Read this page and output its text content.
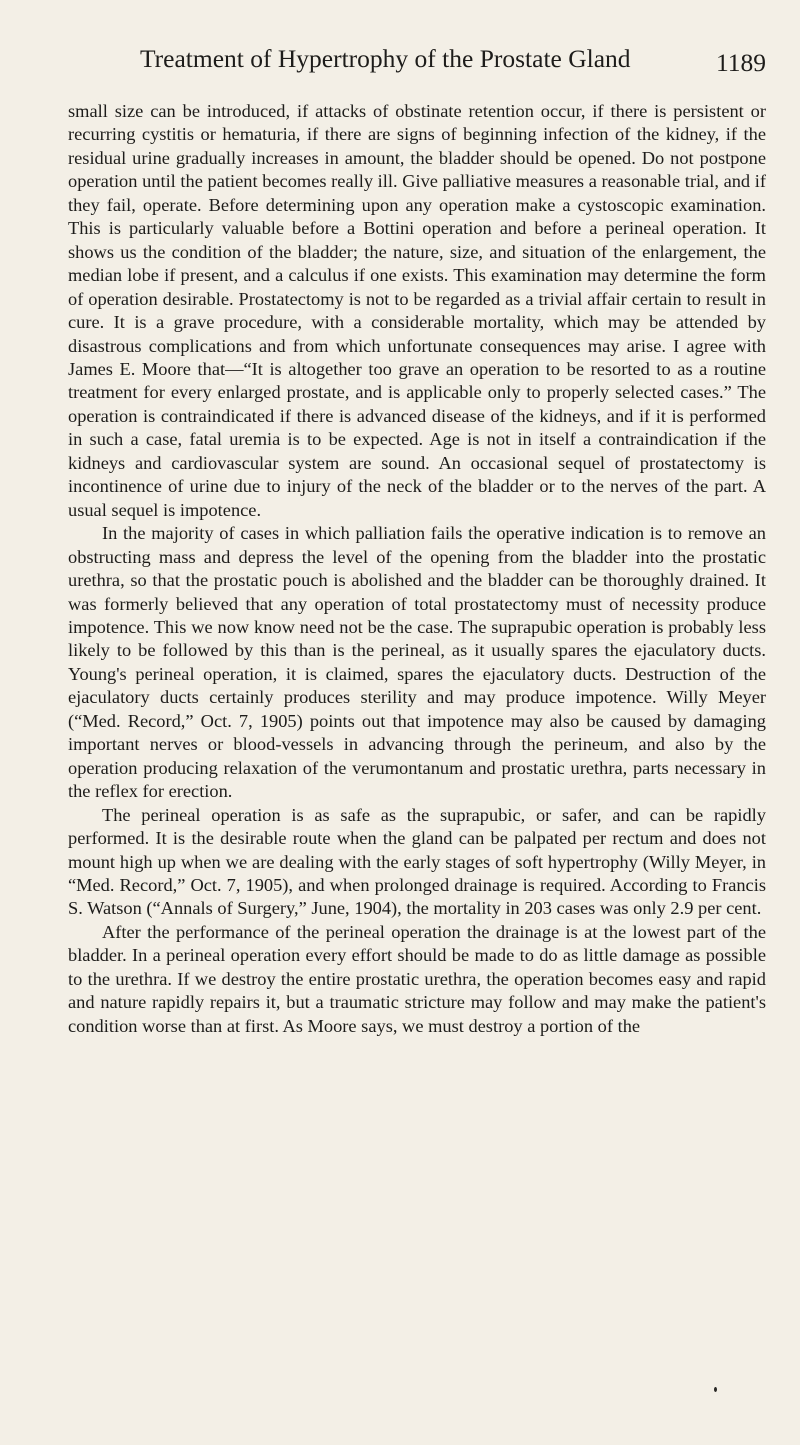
Treatment of Hypertrophy of the Prostate Gland	1189

small size can be introduced, if attacks of obstinate retention occur, if there is persistent or recurring cystitis or hematuria, if there are signs of beginning infection of the kidney, if the residual urine gradually increases in amount, the bladder should be opened. Do not postpone operation until the patient becomes really ill. Give palliative measures a reasonable trial, and if they fail, operate. Before determining upon any operation make a cystoscopic examination. This is particularly valuable before a Bottini operation and before a perineal operation. It shows us the condition of the bladder; the nature, size, and situation of the enlargement, the median lobe if present, and a calculus if one exists. This examination may determine the form of operation desirable. Prostatectomy is not to be regarded as a trivial affair certain to result in cure. It is a grave procedure, with a considerable mortality, which may be attended by disastrous complications and from which unfortunate consequences may arise. I agree with James E. Moore that—“It is altogether too grave an operation to be resorted to as a routine treatment for every enlarged prostate, and is applicable only to properly selected cases.” The operation is contraindicated if there is advanced disease of the kidneys, and if it is performed in such a case, fatal uremia is to be expected. Age is not in itself a contraindication if the kidneys and cardiovascular system are sound. An occasional sequel of prostatectomy is incontinence of urine due to injury of the neck of the bladder or to the nerves of the part. A usual sequel is impotence.

In the majority of cases in which palliation fails the operative indication is to remove an obstructing mass and depress the level of the opening from the bladder into the prostatic urethra, so that the prostatic pouch is abolished and the bladder can be thoroughly drained. It was formerly believed that any operation of total prostatectomy must of necessity produce impotence. This we now know need not be the case. The suprapubic operation is probably less likely to be followed by this than is the perineal, as it usually spares the ejaculatory ducts. Young's perineal operation, it is claimed, spares the ejaculatory ducts. Destruction of the ejaculatory ducts certainly produces sterility and may produce impotence. Willy Meyer (“Med. Record,” Oct. 7, 1905) points out that impotence may also be caused by damaging important nerves or blood-vessels in advancing through the perineum, and also by the operation producing relaxation of the verumontanum and prostatic urethra, parts necessary in the reflex for erection.

The perineal operation is as safe as the suprapubic, or safer, and can be rapidly performed. It is the desirable route when the gland can be palpated per rectum and does not mount high up when we are dealing with the early stages of soft hypertrophy (Willy Meyer, in “Med. Record,” Oct. 7, 1905), and when prolonged drainage is required. According to Francis S. Watson (“Annals of Surgery,” June, 1904), the mortality in 203 cases was only 2.9 per cent.

After the performance of the perineal operation the drainage is at the lowest part of the bladder. In a perineal operation every effort should be made to do as little damage as possible to the urethra. If we destroy the entire prostatic urethra, the operation becomes easy and rapid and nature rapidly repairs it, but a traumatic stricture may follow and may make the patient's condition worse than at first. As Moore says, we must destroy a portion of the
